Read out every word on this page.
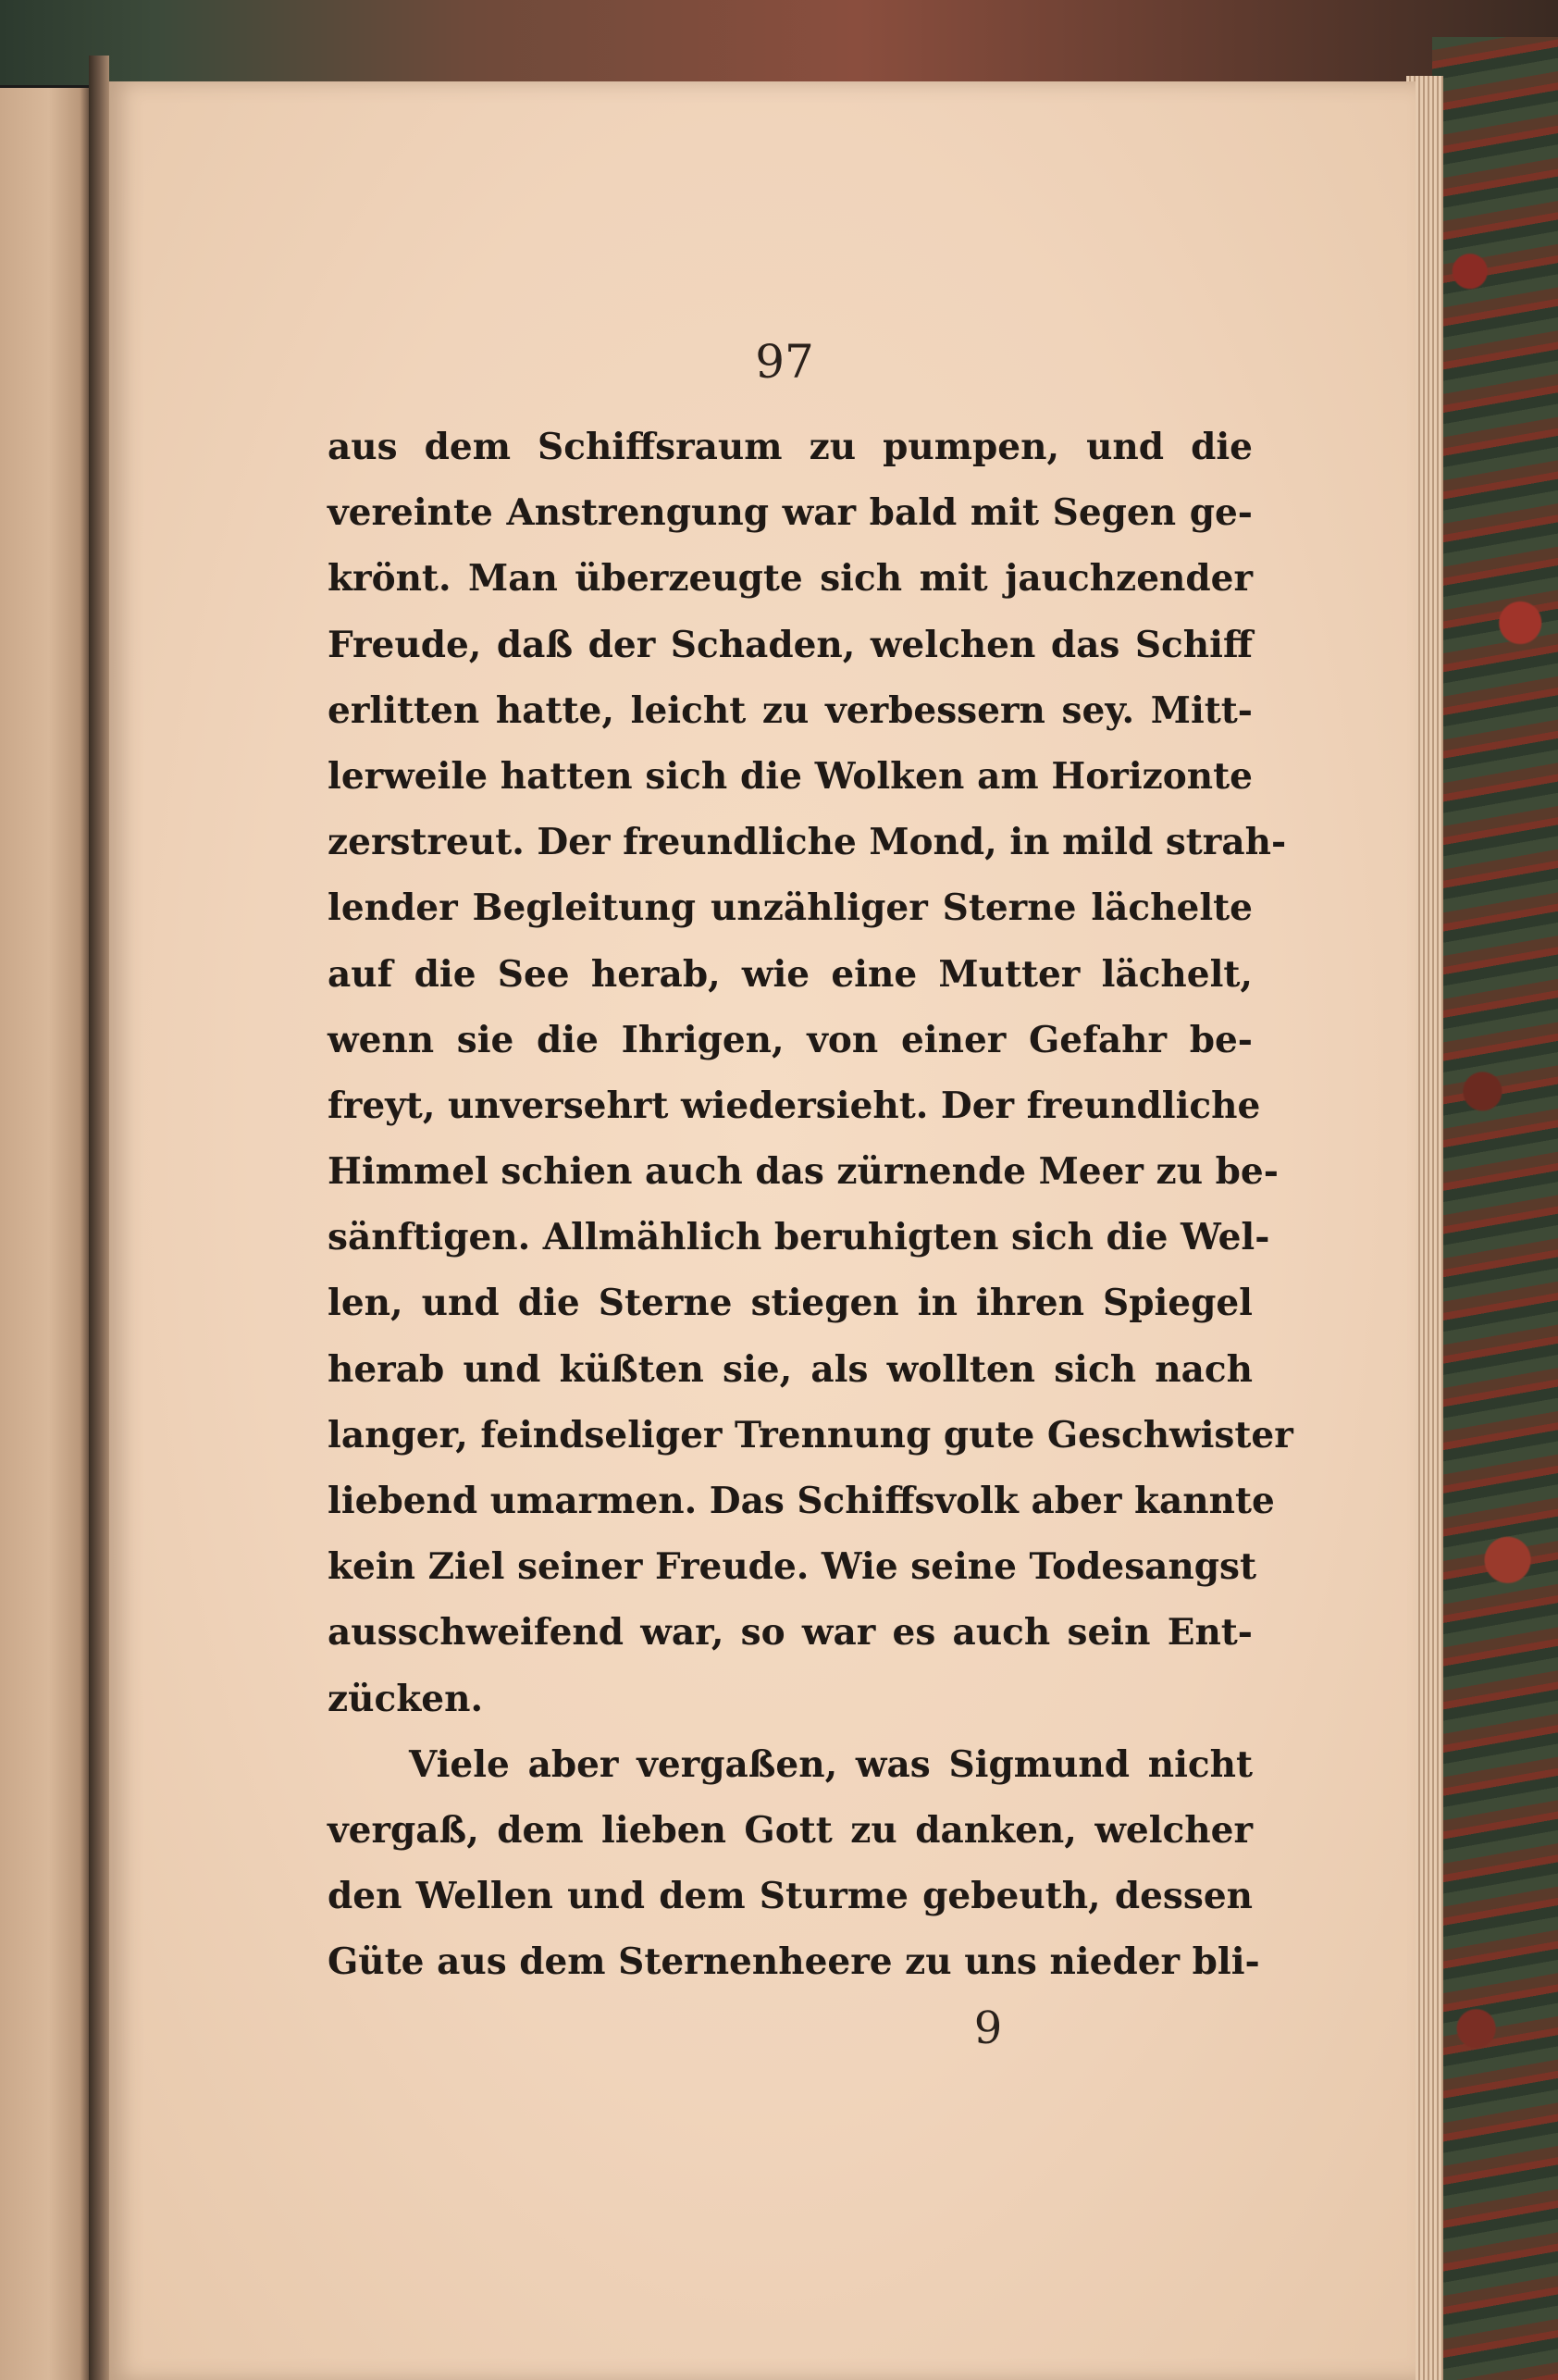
97
aus dem Schiffsraum zu pumpen, und die
vereinte Anstrengung war bald mit Segen ge-
krönt. Man überzeugte sich mit jauchzender
Freude, daß der Schaden, welchen das Schiff
erlitten hatte, leicht zu verbessern sey. Mitt-
lerweile hatten sich die Wolken am Horizonte
zerstreut. Der freundliche Mond, in mild strah-
lender Begleitung unzähliger Sterne lächelte
auf die See herab, wie eine Mutter lächelt,
wenn sie die Ihrigen, von einer Gefahr be-
freyt, unversehrt wiedersieht. Der freundliche
Himmel schien auch das zürnende Meer zu be-
sänftigen. Allmählich beruhigten sich die Wel-
len, und die Sterne stiegen in ihren Spiegel
herab und küßten sie, als wollten sich nach
langer, feindseliger Trennung gute Geschwister
liebend umarmen. Das Schiffsvolk aber kannte
kein Ziel seiner Freude. Wie seine Todesangst
ausschweifend war, so war es auch sein Ent-
zücken.
Viele aber vergaßen, was Sigmund nicht
vergaß, dem lieben Gott zu danken, welcher
den Wellen und dem Sturme gebeuth, dessen
Güte aus dem Sternenheere zu uns nieder bli-
9
